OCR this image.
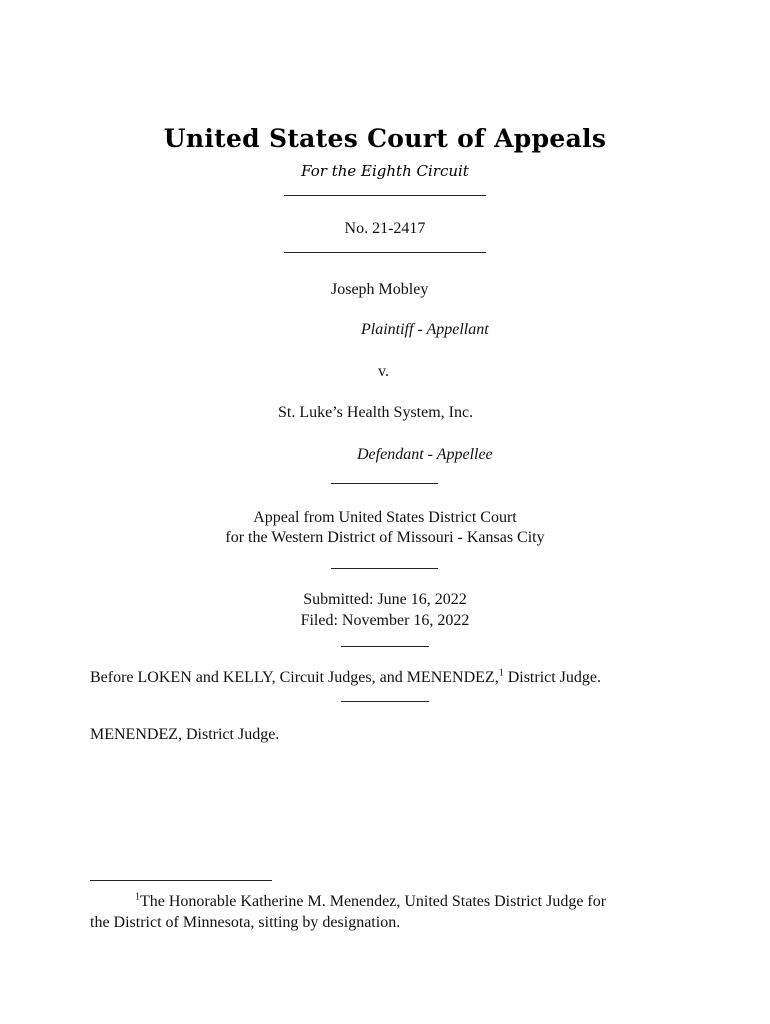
United States Court of Appeals
For the Eighth Circuit
No. 21-2417
Joseph Mobley
Plaintiff - Appellant
v.
St. Luke’s Health System, Inc.
Defendant - Appellee
Appeal from United States District Court
for the Western District of Missouri - Kansas City
Submitted: June 16, 2022
Filed: November 16, 2022
Before LOKEN and KELLY, Circuit Judges, and MENENDEZ,$^1$ District Judge.
MENENDEZ, District Judge.
$^1$The Honorable Katherine M. Menendez, United States District Judge for
the District of Minnesota, sitting by designation.
